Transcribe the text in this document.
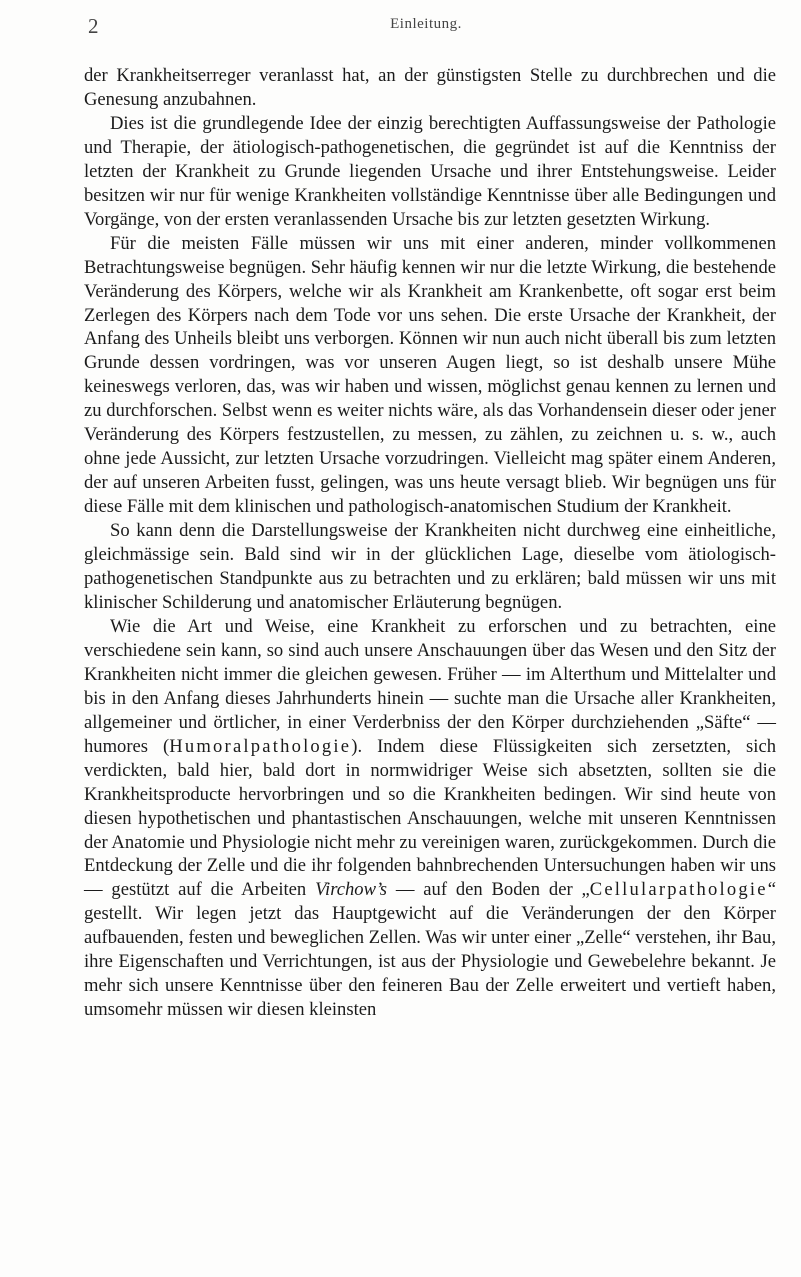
2	Einleitung.

der Krankheitserreger veranlasst hat, an der günstigsten Stelle zu durchbrechen und die Genesung anzubahnen.

Dies ist die grundlegende Idee der einzig berechtigten Auffassungsweise der Pathologie und Therapie, der ätiologisch-pathogenetischen, die gegründet ist auf die Kenntniss der letzten der Krankheit zu Grunde liegenden Ursache und ihrer Entstehungsweise. Leider besitzen wir nur für wenige Krankheiten vollständige Kenntnisse über alle Bedingungen und Vorgänge, von der ersten veranlassenden Ursache bis zur letzten gesetzten Wirkung.

Für die meisten Fälle müssen wir uns mit einer anderen, minder vollkommenen Betrachtungsweise begnügen. Sehr häufig kennen wir nur die letzte Wirkung, die bestehende Veränderung des Körpers, welche wir als Krankheit am Krankenbette, oft sogar erst beim Zerlegen des Körpers nach dem Tode vor uns sehen. Die erste Ursache der Krankheit, der Anfang des Unheils bleibt uns verborgen. Können wir nun auch nicht überall bis zum letzten Grunde dessen vordringen, was vor unseren Augen liegt, so ist deshalb unsere Mühe keineswegs verloren, das, was wir haben und wissen, möglichst genau kennen zu lernen und zu durchforschen. Selbst wenn es weiter nichts wäre, als das Vorhandensein dieser oder jener Veränderung des Körpers festzustellen, zu messen, zu zählen, zu zeichnen u. s. w., auch ohne jede Aussicht, zur letzten Ursache vorzudringen. Vielleicht mag später einem Anderen, der auf unseren Arbeiten fusst, gelingen, was uns heute versagt blieb. Wir begnügen uns für diese Fälle mit dem klinischen und pathologisch-anatomischen Studium der Krankheit.

So kann denn die Darstellungsweise der Krankheiten nicht durchweg eine einheitliche, gleichmässige sein. Bald sind wir in der glücklichen Lage, dieselbe vom ätiologisch-pathogenetischen Standpunkte aus zu betrachten und zu erklären; bald müssen wir uns mit klinischer Schilderung und anatomischer Erläuterung begnügen.

Wie die Art und Weise, eine Krankheit zu erforschen und zu betrachten, eine verschiedene sein kann, so sind auch unsere Anschauungen über das Wesen und den Sitz der Krankheiten nicht immer die gleichen gewesen. Früher — im Alterthum und Mittelalter und bis in den Anfang dieses Jahrhunderts hinein — suchte man die Ursache aller Krankheiten, allgemeiner und örtlicher, in einer Verderbniss der den Körper durchziehenden „Säfte“ — humores (Humoralpathologie). Indem diese Flüssigkeiten sich zersetzten, sich verdickten, bald hier, bald dort in normwidriger Weise sich absetzten, sollten sie die Krankheitsproducte hervorbringen und so die Krankheiten bedingen. Wir sind heute von diesen hypothetischen und phantastischen Anschauungen, welche mit unseren Kenntnissen der Anatomie und Physiologie nicht mehr zu vereinigen waren, zurückgekommen. Durch die Entdeckung der Zelle und die ihr folgenden bahnbrechenden Untersuchungen haben wir uns — gestützt auf die Arbeiten Virchow’s — auf den Boden der „Cellularpathologie“ gestellt. Wir legen jetzt das Hauptgewicht auf die Veränderungen der den Körper aufbauenden, festen und beweglichen Zellen. Was wir unter einer „Zelle“ verstehen, ihr Bau, ihre Eigenschaften und Verrichtungen, ist aus der Physiologie und Gewebelehre bekannt. Je mehr sich unsere Kenntnisse über den feineren Bau der Zelle erweitert und vertieft haben, umsomehr müssen wir diesen kleinsten
